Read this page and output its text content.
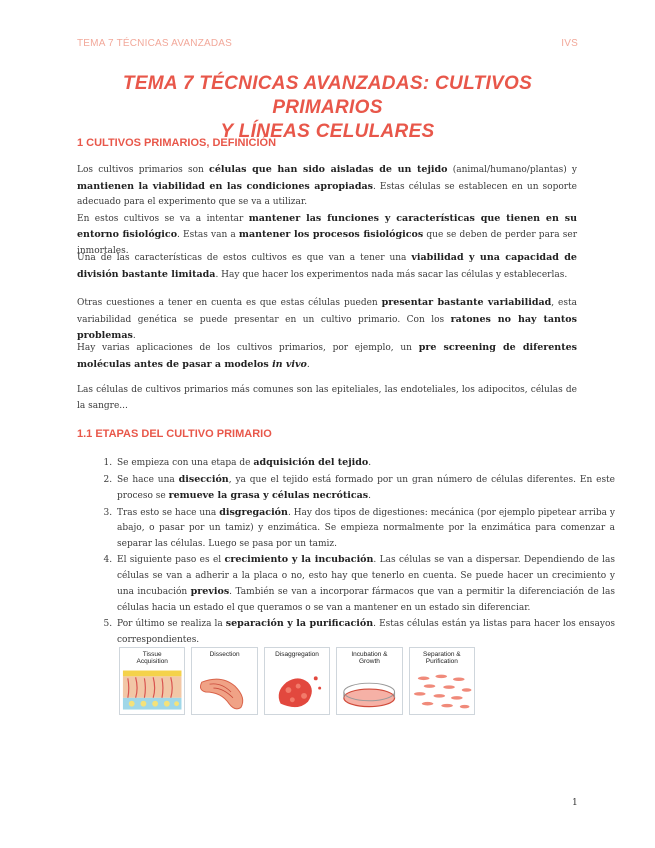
TEMA 7 TÉCNICAS AVANZADAS	IVS
TEMA 7 TÉCNICAS AVANZADAS: CULTIVOS PRIMARIOS
Y LÍNEAS CELULARES
1 CULTIVOS PRIMARIOS, DEFINICIÓN
Los cultivos primarios son células que han sido aisladas de un tejido (animal/humano/plantas) y mantienen la viabilidad en las condiciones apropiadas. Estas células se establecen en un soporte adecuado para el experimento que se va a utilizar.
En estos cultivos se va a intentar mantener las funciones y características que tienen en su entorno fisiológico. Estas van a mantener los procesos fisiológicos que se deben de perder para ser inmortales.
Una de las características de estos cultivos es que van a tener una viabilidad y una capacidad de división bastante limitada. Hay que hacer los experimentos nada más sacar las células y establecerlas.
Otras cuestiones a tener en cuenta es que estas células pueden presentar bastante variabilidad, esta variabilidad genética se puede presentar en un cultivo primario. Con los ratones no hay tantos problemas.
Hay varias aplicaciones de los cultivos primarios, por ejemplo, un pre screening de diferentes moléculas antes de pasar a modelos in vivo.
Las células de cultivos primarios más comunes son las epiteliales, las endoteliales, los adipocitos, células de la sangre...
1.1 ETAPAS DEL CULTIVO PRIMARIO
1. Se empieza con una etapa de adquisición del tejido.
2. Se hace una disección, ya que el tejido está formado por un gran número de células diferentes. En este proceso se remueve la grasa y células necróticas.
3. Tras esto se hace una disgregación. Hay dos tipos de digestiones: mecánica (por ejemplo pipetear arriba y abajo, o pasar por un tamiz) y enzimática. Se empieza normalmente por la enzimática para comenzar a separar las células. Luego se pasa por un tamiz.
4. El siguiente paso es el crecimiento y la incubación. Las células se van a dispersar. Dependiendo de las células se van a adherir a la placa o no, esto hay que tenerlo en cuenta. Se puede hacer un crecimiento y una incubación previos. También se van a incorporar fármacos que van a permitir la diferenciación de las células hacia un estado el que queramos o se van a mantener en un estado sin diferenciar.
5. Por último se realiza la separación y la purificación. Estas células están ya listas para hacer los ensayos correspondientes.
Tissue
Acquisition
Dissection	Disaggregation	Incubation &
Growth
Separation &
Purification
1
